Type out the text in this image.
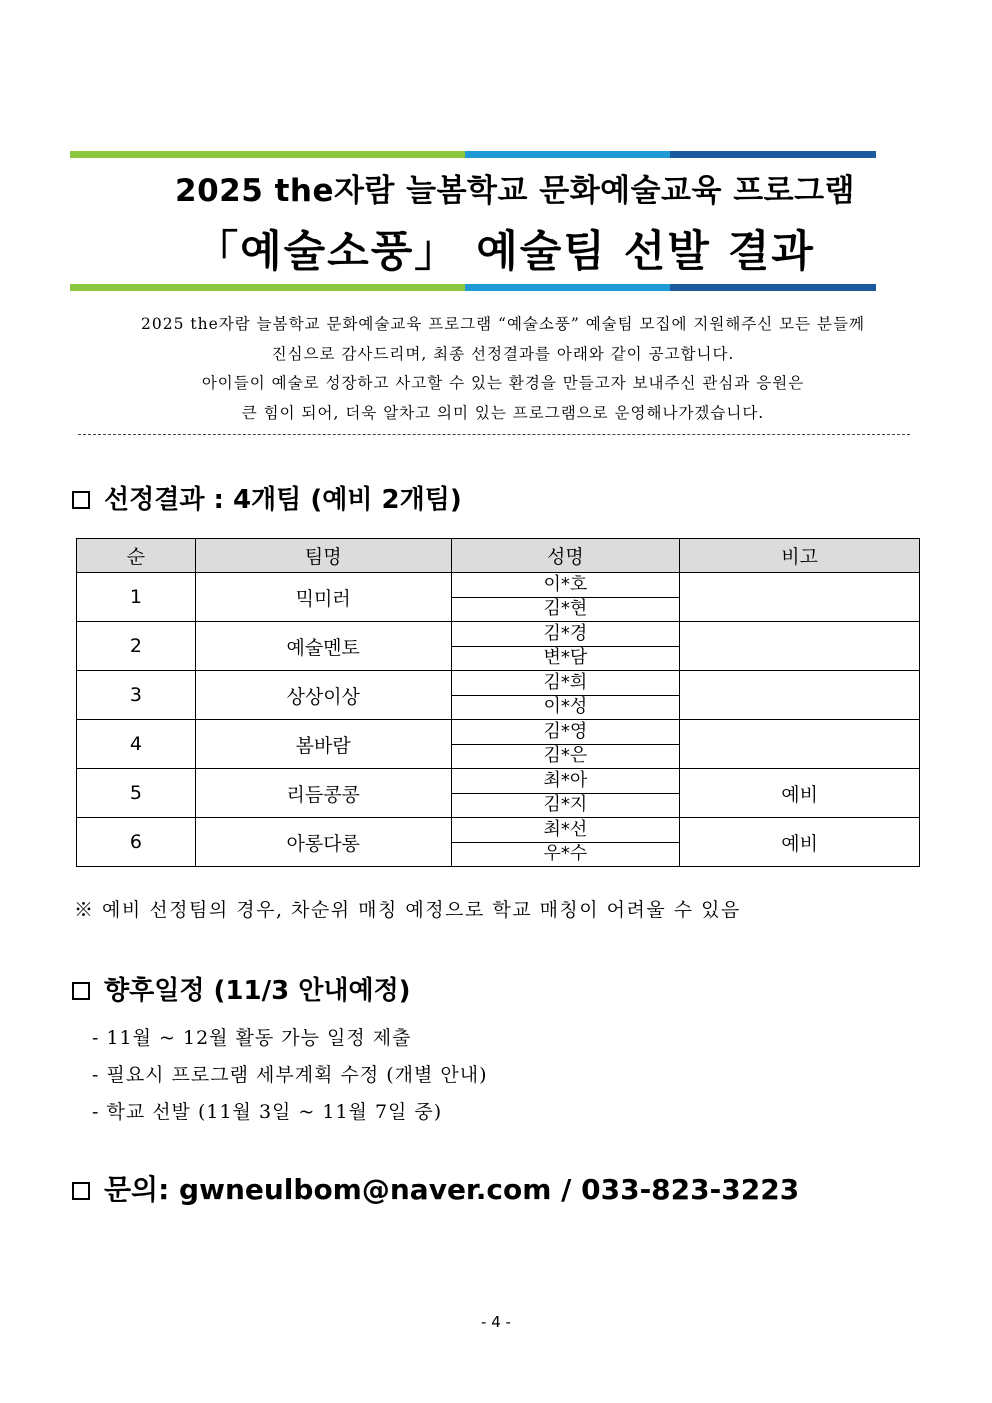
2025 the자람 늘봄학교 문화예술교육 프로그램
「예술소풍」 예술팀 선발 결과
2025 the자람 늘봄학교 문화예술교육 프로그램 “예술소풍” 예술팀 모집에 지원해주신 모든 분들께
진심으로 감사드리며, 최종 선정결과를 아래와 같이 공고합니다.
아이들이 예술로 성장하고 사고할 수 있는 환경을 만들고자 보내주신 관심과 응원은
큰 힘이 되어, 더욱 알차고 의미 있는 프로그램으로 운영해나가겠습니다.
선정결과 : 4개팀 (예비 2개팀)
순	팀명	성명	비고
1	믹미러	이*호	
		김*현	
2	예술멘토	김*경	
		변*담	
3	상상이상	김*희	
		이*성	
4	봄바람	김*영	
		김*은	
5	리듬콩콩	최*아	예비
		김*지	
6	아롱다롱	최*선	예비
		우*수	
※ 예비 선정팀의 경우, 차순위 매칭 예정으로 학교 매칭이 어려울 수 있음
향후일정 (11/3 안내예정)
- 11월 ~ 12월 활동 가능 일정 제출
- 필요시 프로그램 세부계획 수정 (개별 안내)
- 학교 선발 (11월 3일 ~ 11월 7일 중)
문의: gwneulbom@naver.com / 033-823-3223
- 4 -
